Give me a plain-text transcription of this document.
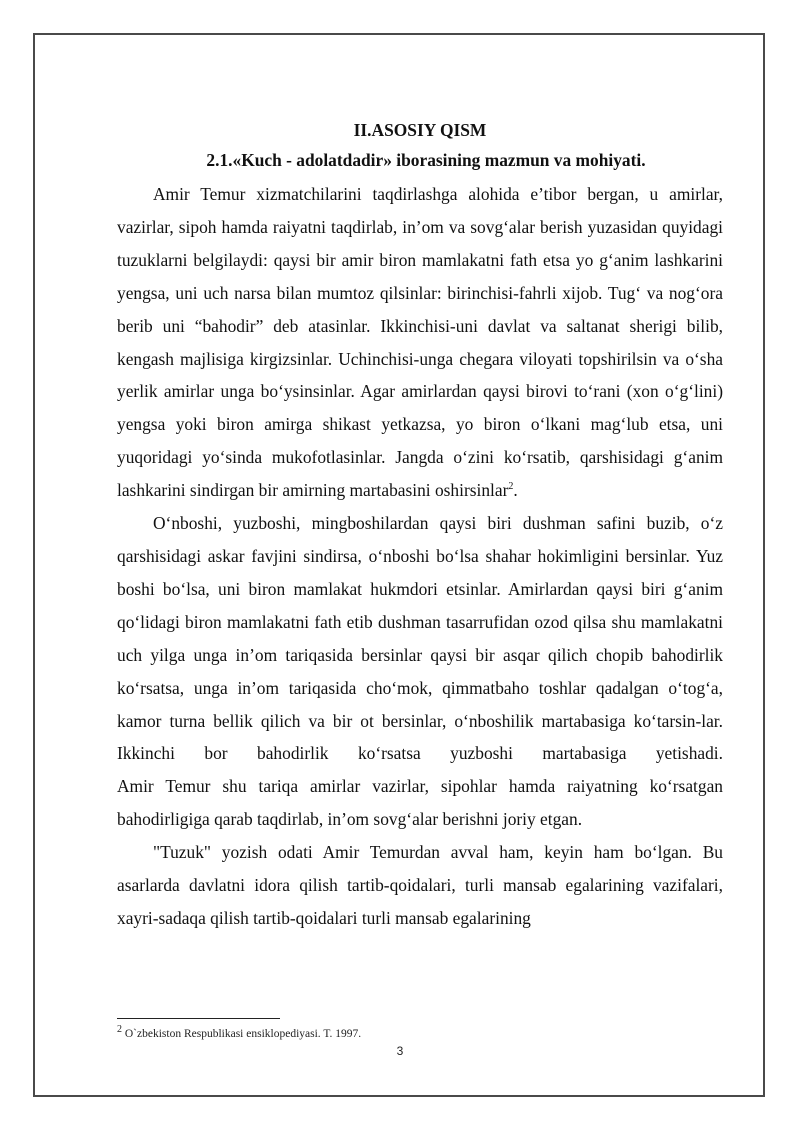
II.ASOSIY QISM

2.1.«Kuch - adolatdadir» iborasining mazmun va mohiyati.

Amir Temur xizmatchilarini taqdirlashga alohida e’tibor bergan, u amirlar, vazirlar, sipoh hamda raiyatni taqdirlab, in’om va sovg‘alar berish yuzasidan quyidagi tuzuklarni belgilaydi: qaysi bir amir biron mamlakatni fath etsa yo g‘anim lashkarini yengsa, uni uch narsa bilan mumtoz qilsinlar: birinchisi-fahrli xijob. Tug‘ va nog‘ora berib uni “bahodir” deb atasinlar. Ikkinchisi-uni davlat va saltanat sherigi bilib, kengash majlisiga kirgizsinlar. Uchinchisi-unga chegara viloyati topshirilsin va o‘sha yerlik amirlar unga bo‘ysinsinlar. Agar amirlardan qaysi birovi to‘rani (xon o‘g‘lini) yengsa yoki biron amirga shikast yetkazsa, yo biron o‘lkani mag‘lub etsa, uni yuqoridagi yo‘sinda mukofotlasinlar. Jangda o‘zini ko‘rsatib, qarshisidagi g‘anim lashkarini sindirgan bir amirning martabasini oshirsinlar$^2$.

O‘nboshi, yuzboshi, mingboshilardan qaysi biri dushman safini buzib, o‘z qarshisidagi askar favjini sindirsa, o‘nboshi bo‘lsa shahar hokimligini bersinlar. Yuz boshi bo‘lsa, uni biron mamlakat hukmdori etsinlar. Amirlardan qaysi biri g‘anim qo‘lidagi biron mamlakatni fath etib dushman tasarrufidan ozod qilsa shu mamlakatni uch yilga unga in’om tariqasida bersinlar qaysi bir asqar qilich chopib bahodirlik ko‘rsatsa, unga in’om tariqasida cho‘mok, qimmatbaho toshlar qadalgan o‘tog‘a, kamor turna bellik qilich va bir ot bersinlar, o‘nboshilik martabasiga ko‘tarsin-lar. Ikkinchi bor bahodirlik ko‘rsatsa yuzboshi martabasiga yetishadi.

Amir Temur shu tariqa amirlar vazirlar, sipohlar hamda raiyatning ko‘rsatgan bahodirligiga qarab taqdirlab, in’om sovg‘alar berishni joriy etgan.

"Tuzuk" yozish odati Amir Temurdan avval ham, keyin ham bo‘lgan. Bu asarlarda davlatni idora qilish tartib-qoidalari, turli mansab egalarining vazifalari, xayri-sadaqa qilish tartib-qoidalari turli mansab egalarining

$^2$ O`zbekiston Respublikasi ensiklopediyasi. T. 1997.
3
